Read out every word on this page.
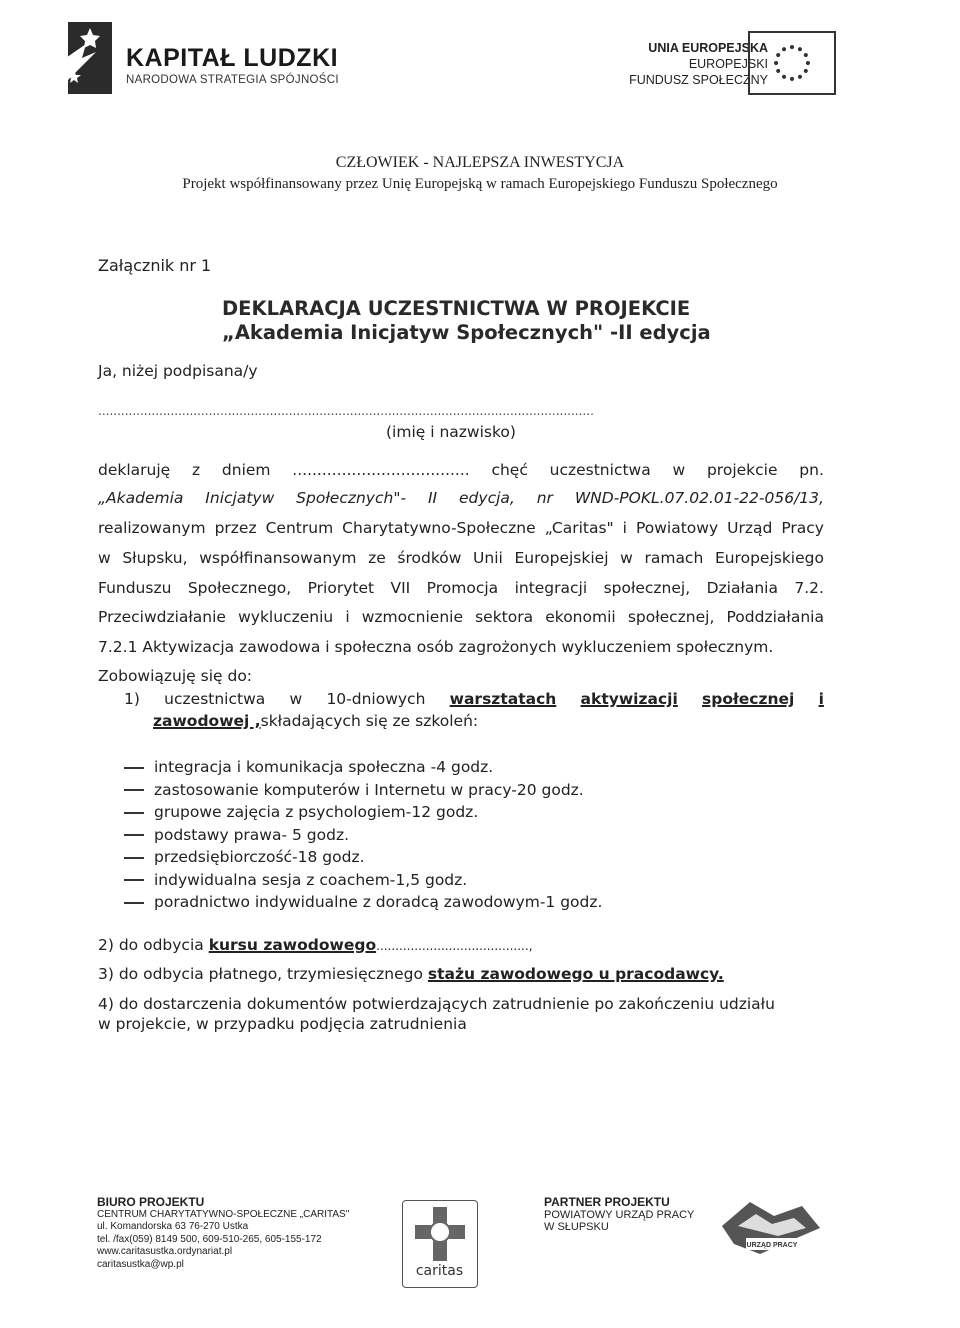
KAPITAŁ LUDZKI
NARODOWA STRATEGIA SPÓJNOŚCI
UNIA EUROPEJSKA
EUROPEJSKI
FUNDUSZ SPOŁECZNY
CZŁOWIEK - NAJLEPSZA INWESTYCJA
Projekt współfinansowany przez Unię Europejską w ramach Europejskiego Funduszu Społecznego
Załącznik nr 1
DEKLARACJA UCZESTNICTWA W PROJEKCIE
„Akademia Inicjatyw Społecznych" -II edycja
Ja, niżej podpisana/y
..................................................................................................................................
(imię i nazwisko)
deklaruję z dniem .................................... chęć uczestnictwa w projekcie pn.
„Akademia Inicjatyw Społecznych"- II edycja, nr WND-POKL.07.02.01-22-056/13,
realizowanym przez Centrum Charytatywno-Społeczne „Caritas" i Powiatowy Urząd Pracy
w Słupsku, współfinansowanym ze środków Unii Europejskiej w ramach Europejskiego
Funduszu Społecznego, Priorytet VII Promocja integracji społecznej, Działania 7.2.
Przeciwdziałanie wykluczeniu i wzmocnienie sektora ekonomii społecznej, Poddziałania
7.2.1 Aktywizacja zawodowa i społeczna osób zagrożonych wykluczeniem społecznym.
Zobowiązuję się do:
1) uczestnictwa w 10-dniowych warsztatach aktywizacji społecznej i
zawodowej ,składających się ze szkoleń:
integracja i komunikacja społeczna -4 godz.
zastosowanie komputerów i Internetu w pracy-20 godz.
grupowe zajęcia z psychologiem-12 godz.
podstawy prawa- 5 godz.
przedsiębiorczość-18 godz.
indywidualna sesja z coachem-1,5 godz.
poradnictwo indywidualne z doradcą zawodowym-1 godz.
2) do odbycia kursu zawodowego........................................,
3) do odbycia płatnego, trzymiesięcznego stażu zawodowego u pracodawcy.
4) do dostarczenia dokumentów potwierdzających zatrudnienie po zakończeniu udziału
w projekcie, w przypadku podjęcia zatrudnienia
BIURO PROJEKTU
CENTRUM CHARYTATYWNO-SPOŁECZNE „CARITAS"
ul. Komandorska 63 76-270 Ustka
tel. /fax(059) 8149 500, 609-510-265, 605-155-172
www.caritasustka.ordynariat.pl
caritasustka@wp.pl	caritas
PARTNER PROJEKTU
POWIATOWY URZĄD PRACY
W SŁUPSKU
URZĄD PRACY
